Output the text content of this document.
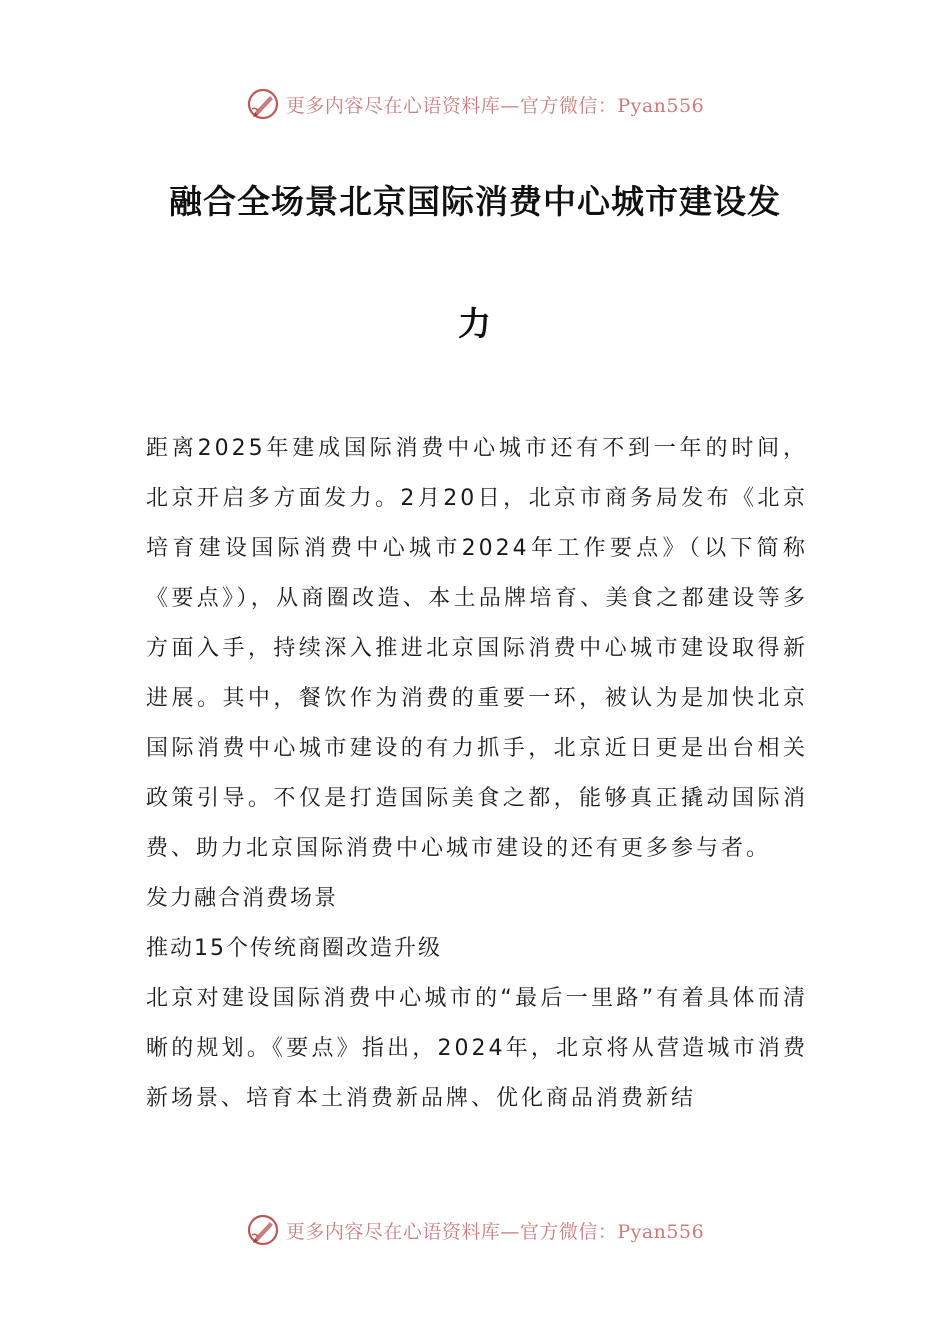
更多内容尽在心语资料库—官方微信：Pyan556
融合全场景北京国际消费中心城市建设发
力

距离2025年建成国际消费中心城市还有不到一年的时间，北京开启多方面发力。2月20日，北京市商务局发布《北京培育建设国际消费中心城市2024年工作要点》（以下简称《要点》），从商圈改造、本土品牌培育、美食之都建设等多方面入手，持续深入推进北京国际消费中心城市建设取得新进展。其中，餐饮作为消费的重要一环，被认为是加快北京国际消费中心城市建设的有力抓手，北京近日更是出台相关政策引导。不仅是打造国际美食之都，能够真正撬动国际消费、助力北京国际消费中心城市建设的还有更多参与者。

发力融合消费场景

推动15个传统商圈改造升级

北京对建设国际消费中心城市的“最后一里路”有着具体而清晰的规划。《要点》指出，2024年，北京将从营造城市消费新场景、培育本土消费新品牌、优化商品消费新结

更多内容尽在心语资料库—官方微信：Pyan556
